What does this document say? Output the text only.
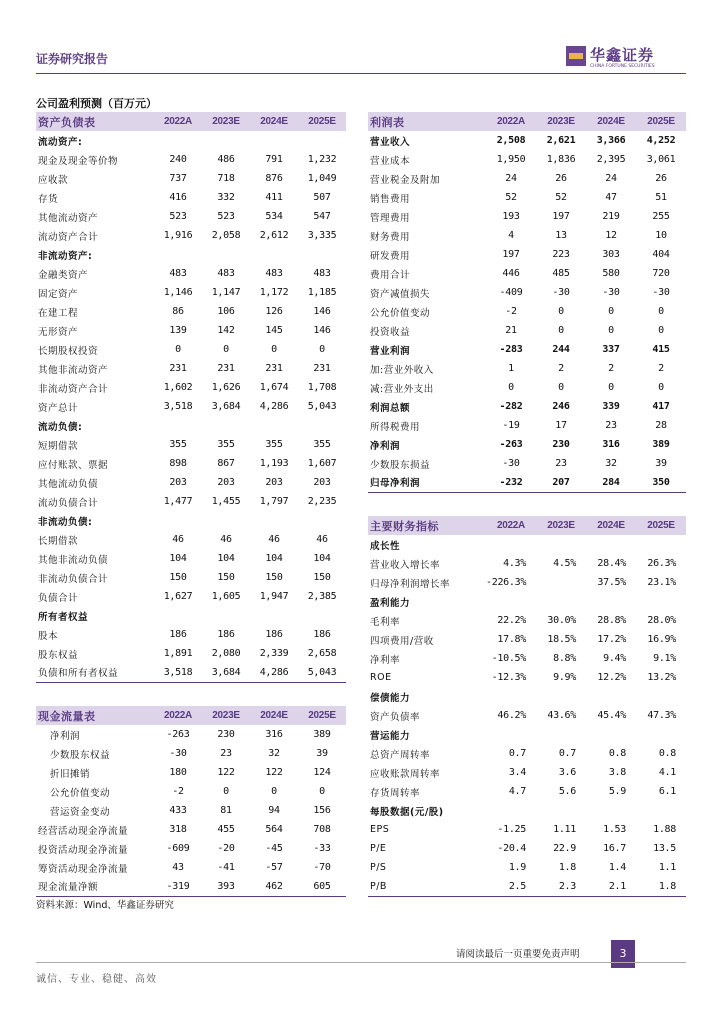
证券研究报告	华鑫证券
CHINA FORTUNE SECURITIES
公司盈利预测（百万元）
资产负债表	2022A	2023E	2024E	2025E
流动资产:				
现金及现金等价物	240	486	791	1,232
应收款	737	718	876	1,049
存货	416	332	411	507
其他流动资产	523	523	534	547
流动资产合计	1,916	2,058	2,612	3,335
非流动资产:				
金融类资产	483	483	483	483
固定资产	1,146	1,147	1,172	1,185
在建工程	86	106	126	146
无形资产	139	142	145	146
长期股权投资	0	0	0	0
其他非流动资产	231	231	231	231
非流动资产合计	1,602	1,626	1,674	1,708
资产总计	3,518	3,684	4,286	5,043
流动负债:				
短期借款	355	355	355	355
应付账款、票据	898	867	1,193	1,607
其他流动负债	203	203	203	203
流动负债合计	1,477	1,455	1,797	2,235
非流动负债:				
长期借款	46	46	46	46
其他非流动负债	104	104	104	104
非流动负债合计	150	150	150	150
负债合计	1,627	1,605	1,947	2,385
所有者权益				
股本	186	186	186	186
股东权益	1,891	2,080	2,339	2,658
负债和所有者权益	3,518	3,684	4,286	5,043
利润表	2022A	2023E	2024E	2025E
营业收入	2,508	2,621	3,366	4,252
营业成本	1,950	1,836	2,395	3,061
营业税金及附加	24	26	24	26
销售费用	52	52	47	51
管理费用	193	197	219	255
财务费用	4	13	12	10
研发费用	197	223	303	404
费用合计	446	485	580	720
资产减值损失	-409	-30	-30	-30
公允价值变动	-2	0	0	0
投资收益	21	0	0	0
营业利润	-283	244	337	415
加:营业外收入	1	2	2	2
减:营业外支出	0	0	0	0
利润总额	-282	246	339	417
所得税费用	-19	17	23	28
净利润	-263	230	316	389
少数股东损益	-30	23	32	39
归母净利润	-232	207	284	350
主要财务指标	2022A	2023E	2024E	2025E
成长性				
营业收入增长率	4.3%	4.5%	28.4%	26.3%
归母净利润增长率	-226.3%		37.5%	23.1%
盈利能力				
毛利率	22.2%	30.0%	28.8%	28.0%
四项费用/营收	17.8%	18.5%	17.2%	16.9%
净利率	-10.5%	8.8%	9.4%	9.1%
ROE	-12.3%	9.9%	12.2%	13.2%
偿债能力				
资产负债率	46.2%	43.6%	45.4%	47.3%
营运能力				
总资产周转率	0.7	0.7	0.8	0.8
应收账款周转率	3.4	3.6	3.8	4.1
存货周转率	4.7	5.6	5.9	6.1
每股数据(元/股)				
EPS	-1.25	1.11	1.53	1.88
P/E	-20.4	22.9	16.7	13.5
P/S	1.9	1.8	1.4	1.1
P/B	2.5	2.3	2.1	1.8
现金流量表	2022A	2023E	2024E	2025E
净利润	-263	230	316	389
少数股东权益	-30	23	32	39
折旧摊销	180	122	122	124
公允价值变动	-2	0	0	0
营运资金变动	433	81	94	156
经营活动现金净流量	318	455	564	708
投资活动现金净流量	-609	-20	-45	-33
筹资活动现金净流量	43	-41	-57	-70
现金流量净额	-319	393	462	605
资料来源：Wind、华鑫证券研究
请阅读最后一页重要免责声明	3
诚信、专业、稳健、高效
